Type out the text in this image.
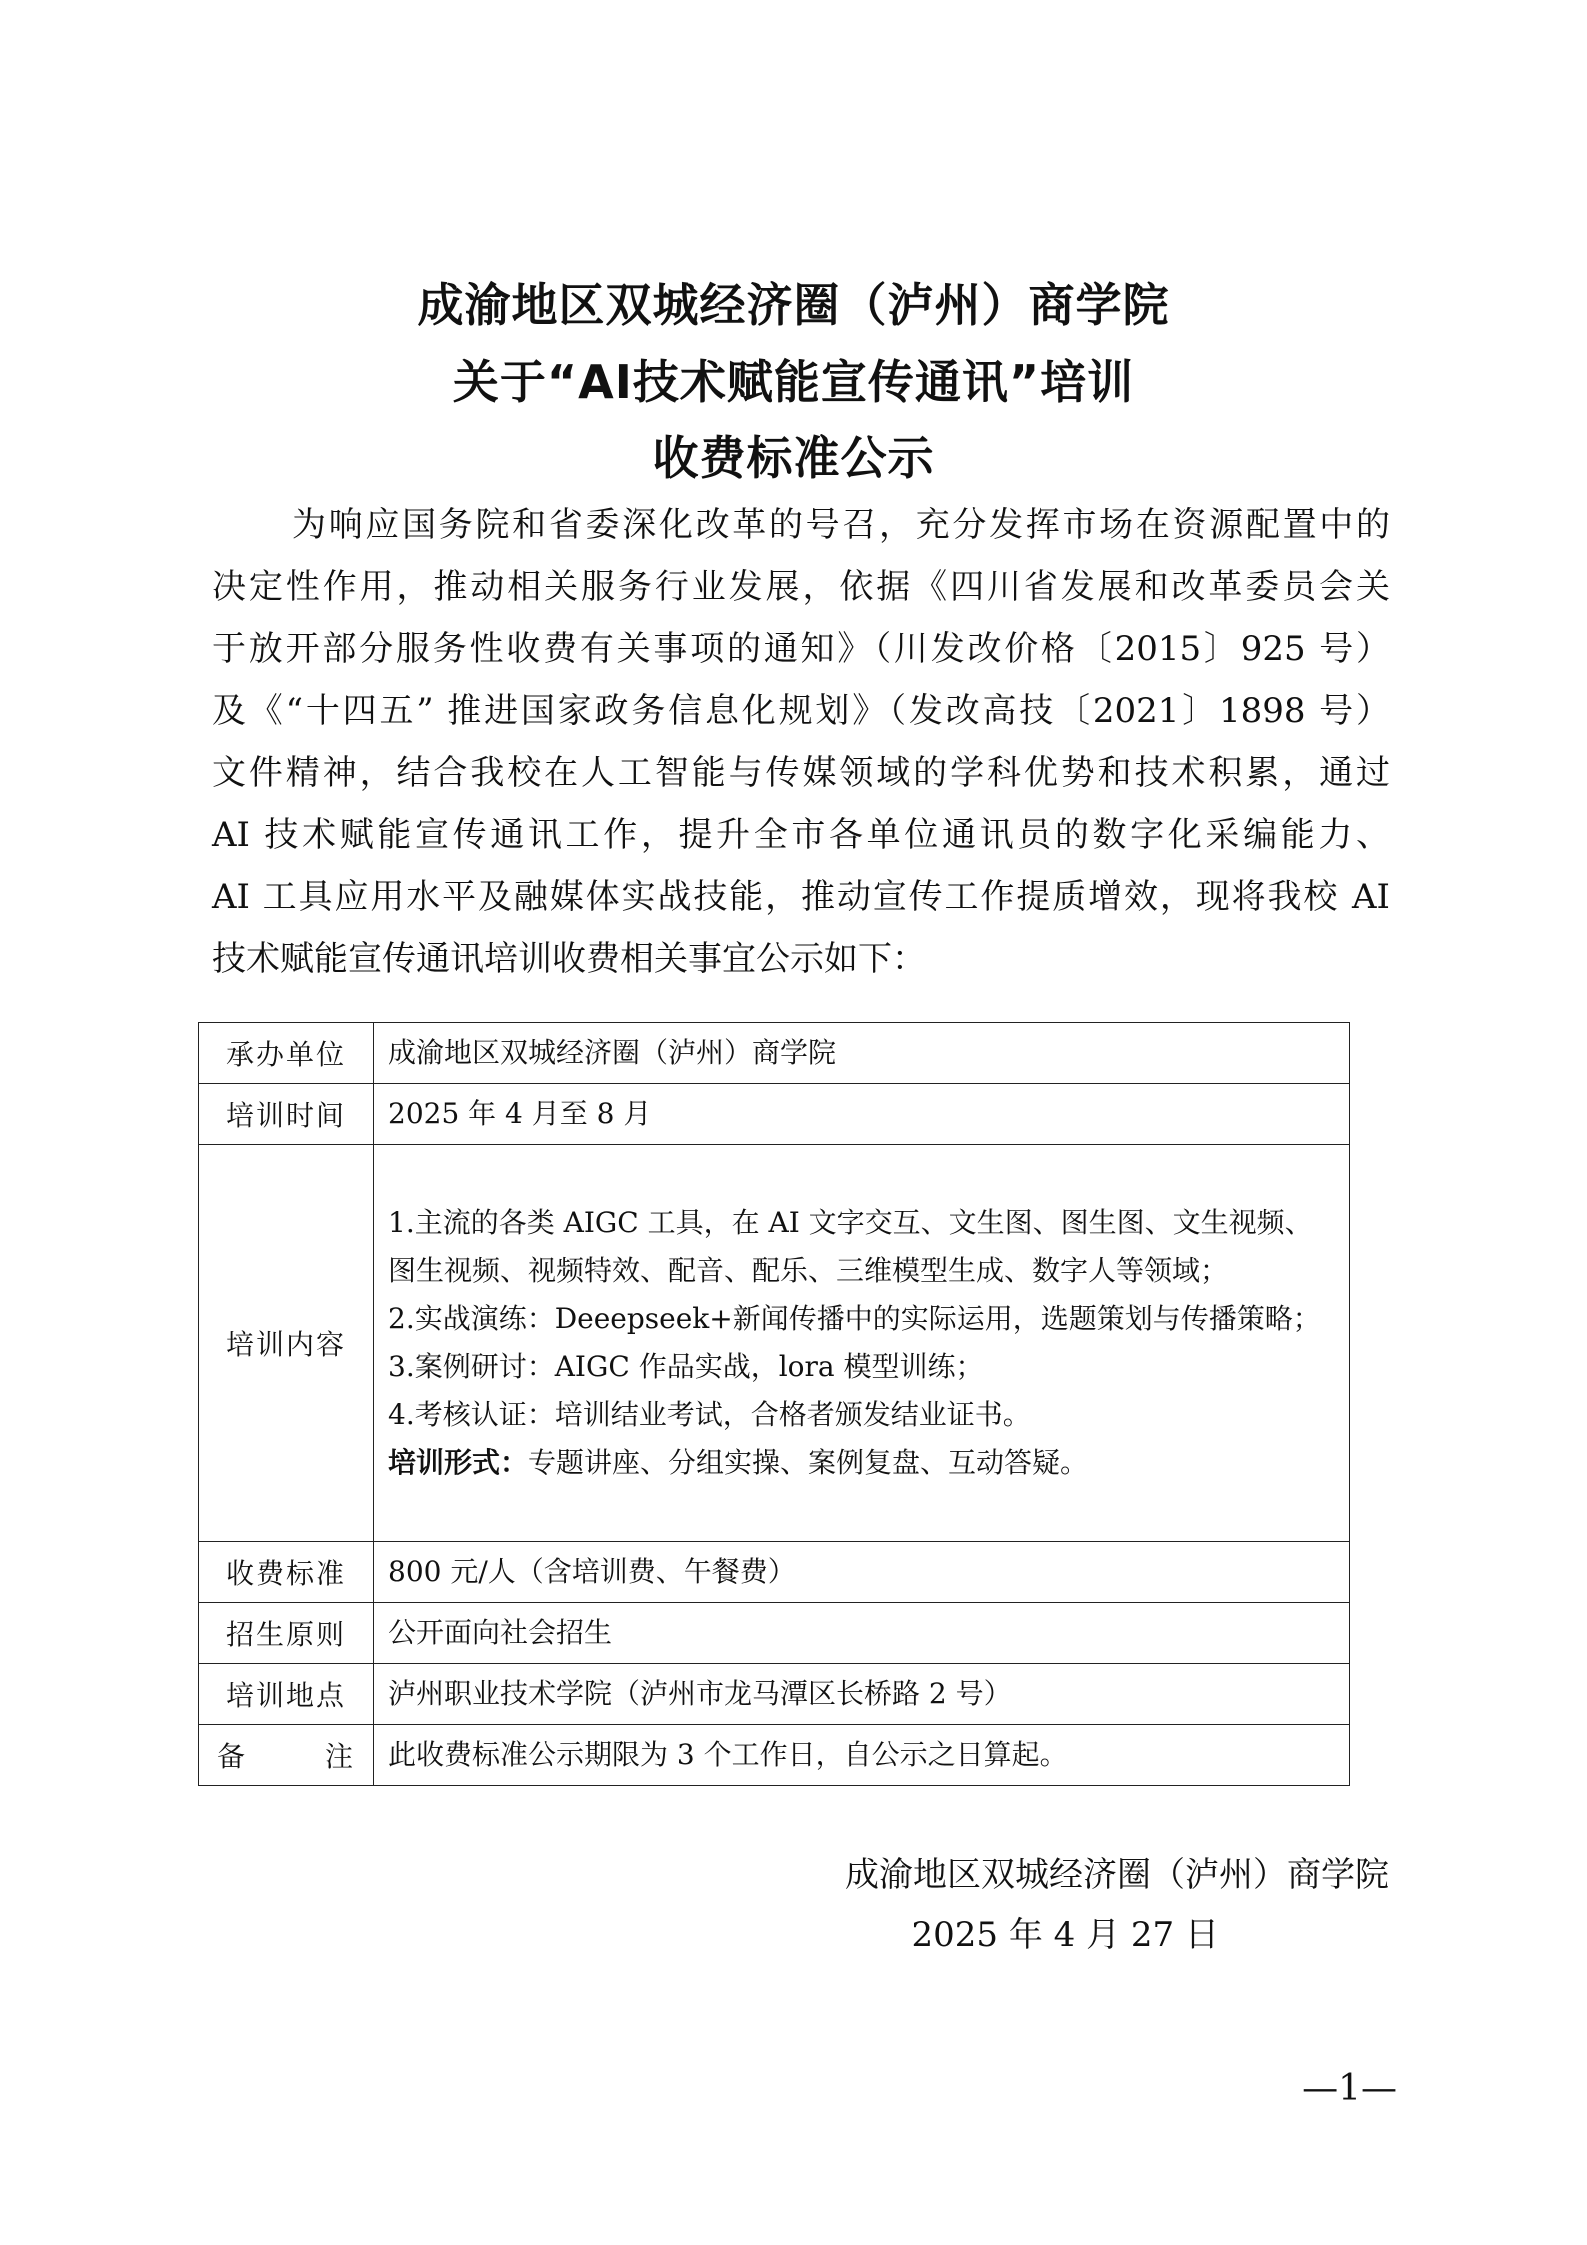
成渝地区双城经济圈（泸州）商学院
关于“AI技术赋能宣传通讯”培训
收费标准公示
为响应国务院和省委深化改革的号召，充分发挥市场在资源配置中的
决定性作用，推动相关服务行业发展，依据《四川省发展和改革委员会关
于放开部分服务性收费有关事项的通知》（川发改价格〔2015〕925 号）
及《“十四五” 推进国家政务信息化规划》（发改高技〔2021〕1898 号）
文件精神，结合我校在人工智能与传媒领域的学科优势和技术积累，通过
AI 技术赋能宣传通讯工作，提升全市各单位通讯员的数字化采编能力、
AI 工具应用水平及融媒体实战技能，推动宣传工作提质增效，现将我校 AI
技术赋能宣传通讯培训收费相关事宜公示如下：
承办单位	成渝地区双城经济圈（泸州）商学院
培训时间	2025 年 4 月至 8 月
培训内容	1.主流的各类 AIGC 工具，在 AI 文字交互、文生图、图生图、文生视频、图生视频、视频特效、配音、配乐、三维模型生成、数字人等领域；
2.实战演练：Deeepseek+新闻传播中的实际运用，选题策划与传播策略；
3.案例研讨：AIGC 作品实战，lora 模型训练；
4.考核认证：培训结业考试，合格者颁发结业证书。
培训形式：专题讲座、分组实操、案例复盘、互动答疑。

收费标准	800 元/人（含培训费、午餐费）
招生原则	公开面向社会招生
培训地点	泸州职业技术学院（泸州市龙马潭区长桥路 2 号）
备注	此收费标准公示期限为 3 个工作日，自公示之日算起。
成渝地区双城经济圈（泸州）商学院
2025 年 4 月 27 日
—1—
